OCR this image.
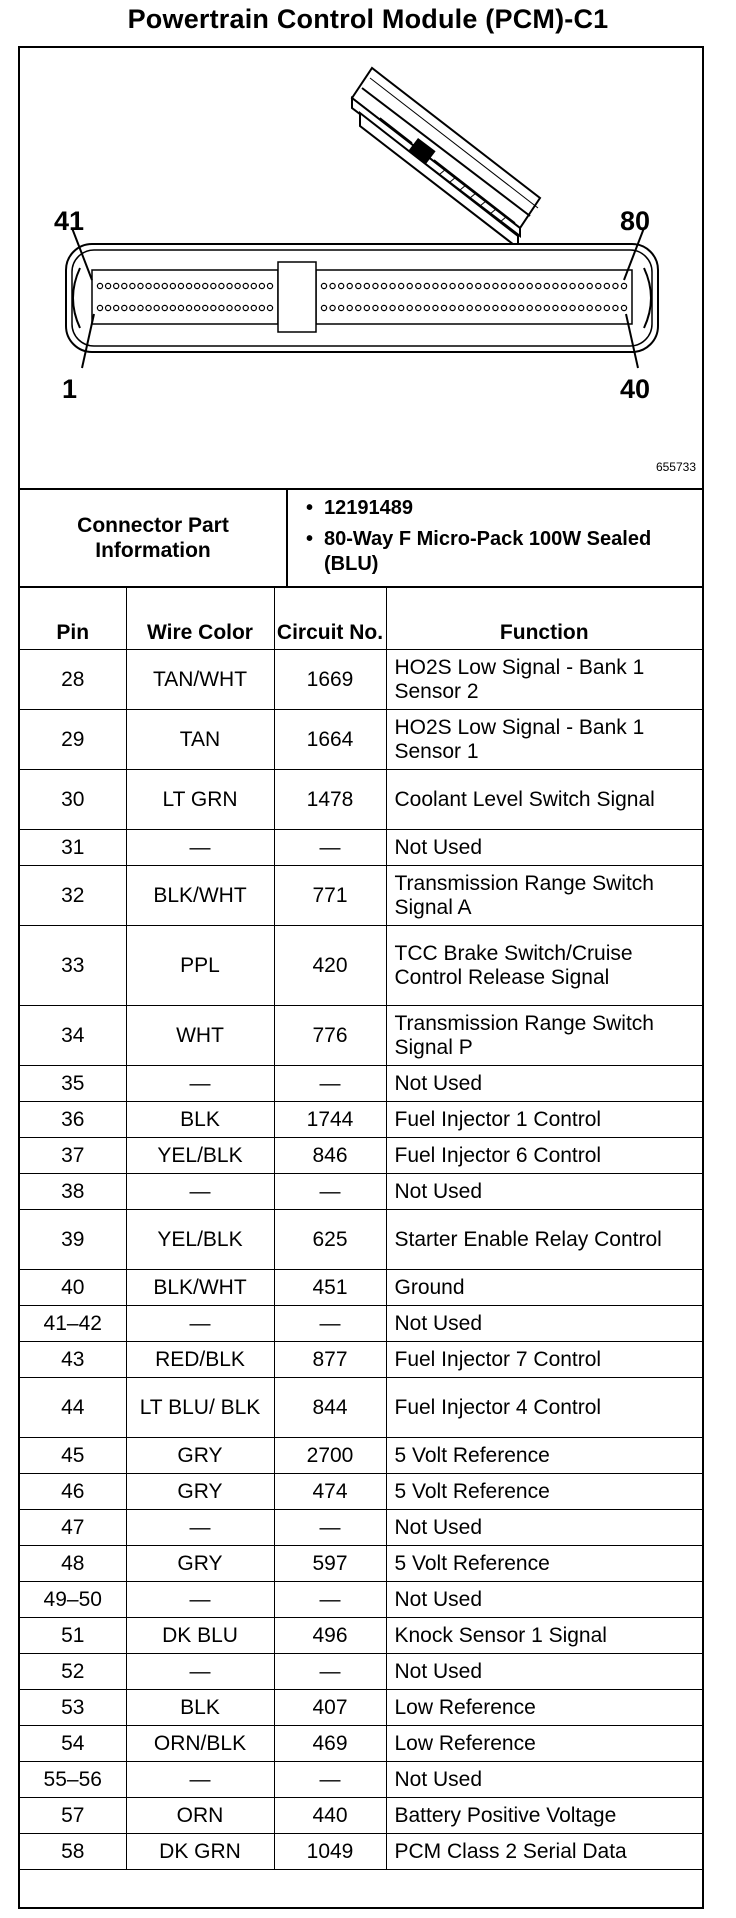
Powertrain Control Module (PCM)-C1
41	80
1	40
655733
Connector Part Information
• 12191489
• 80-Way F Micro-Pack 100W Sealed (BLU)
Pin	Wire Color	Circuit No.	Function
28	TAN/WHT	1669	HO2S Low Signal - Bank 1 Sensor 2
29	TAN	1664	HO2S Low Signal - Bank 1 Sensor 1
30	LT GRN	1478	Coolant Level Switch Signal
31	—	—	Not Used
32	BLK/WHT	771	Transmission Range Switch Signal A
33	PPL	420	TCC Brake Switch/Cruise Control Release Signal
34	WHT	776	Transmission Range Switch Signal P
35	—	—	Not Used
36	BLK	1744	Fuel Injector 1 Control
37	YEL/BLK	846	Fuel Injector 6 Control
38	—	—	Not Used
39	YEL/BLK	625	Starter Enable Relay Control
40	BLK/WHT	451	Ground
41–42	—	—	Not Used
43	RED/BLK	877	Fuel Injector 7 Control
44	LT BLU/ BLK	844	Fuel Injector 4 Control
45	GRY	2700	5 Volt Reference
46	GRY	474	5 Volt Reference
47	—	—	Not Used
48	GRY	597	5 Volt Reference
49–50	—	—	Not Used
51	DK BLU	496	Knock Sensor 1 Signal
52	—	—	Not Used
53	BLK	407	Low Reference
54	ORN/BLK	469	Low Reference
55–56	—	—	Not Used
57	ORN	440	Battery Positive Voltage
58	DK GRN	1049	PCM Class 2 Serial Data
